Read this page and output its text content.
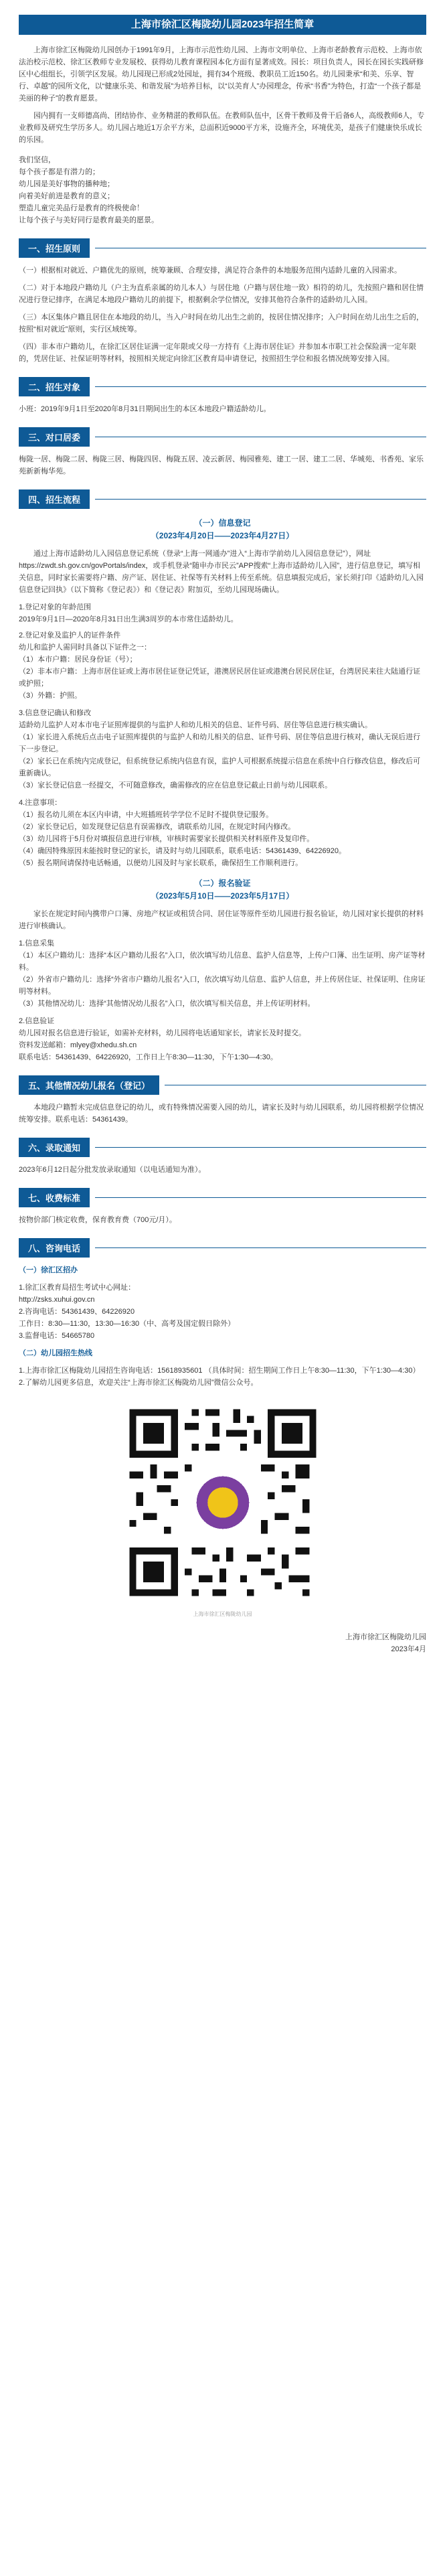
上海市徐汇区梅陇幼儿园2023年招生简章

上海市徐汇区梅陇幼儿园创办于1991年9月，上海市示范性幼儿园、上海市文明单位、上海市老龄教育示范校、上海市依法治校示范校、徐汇区教师专业发展校、获得幼儿教育课程园本化方面有显著成效。园长：项目负责人，园长在园长实践研修区中心组组长，引领学区发展。幼儿园现已形成2处园址，拥有34个班级、教职员工近150名。幼儿园秉承“和美、乐享、智行、卓越”的园所文化，以“健康乐美、和谐发展”为培养目标，以“以美育人”办园理念，传承“书香”为特色，打造“一个孩子都是美丽的种子”的教育愿景。

园内拥有一支师德高尚、团结协作、业务精湛的教师队伍。在教师队伍中，区骨干教师及骨干后备6人，高级教师6人，专业教师及研究生学历多人。幼儿园占地近1万余平方米，总面积近9000平方米，设施齐全，环境优美，是孩子们健康快乐成长的乐园。

我们坚信，

每个孩子都是有潜力的；

幼儿园是美好事物的播种地；

向着美好前进是教育的意义；

塑造儿童完美品行是教育的终极使命！

让每个孩子与美好同行是教育最美的愿景。

一、招生原则

（一）根据相对就近、户籍优先的原则，统筹兼顾、合理安排，满足符合条件的本地服务范围内适龄儿童的入园需求。

（二）对于本地段户籍幼儿（户主为直系亲属的幼儿本人）与居住地（户籍与居住地一致）相符的幼儿，先按照户籍和居住情况进行登记排序，在满足本地段户籍幼儿的前提下，根据剩余学位情况，安排其他符合条件的适龄幼儿入园。

（三）本区集体户籍且居住在本地段的幼儿，当入户时间在幼儿出生之前的，按居住情况排序；入户时间在幼儿出生之后的，按照“相对就近”原则，实行区域统筹。

（四）非本市户籍幼儿，在徐汇区居住证满一定年限或父母一方持有《上海市居住证》并参加本市职工社会保险满一定年限的，凭居住证、社保证明等材料，按照相关规定向徐汇区教育局申请登记，按照招生学位和报名情况统筹安排入园。

二、招生对象

小班：2019年9月1日至2020年8月31日期间出生的本区本地段户籍适龄幼儿。

三、对口居委

梅陇一居、梅陇二居、梅陇三居、梅陇四居、梅陇五居、凌云新居、梅园雅苑、建工一居、建工二居、华城苑、书香苑、家乐苑新新梅华苑。

四、招生流程
（一）信息登记
（2023年4月20日——2023年4月27日）

通过上海市适龄幼儿入园信息登记系统（登录“上海一网通办”进入“上海市学前幼儿入园信息登记”），网址https://zwdt.sh.gov.cn/govPortals/index，或手机登录“随申办市民云”APP搜索“上海市适龄幼儿入园”，进行信息登记，填写相关信息，同时家长需要将户籍、房产证、居住证、社保等有关材料上传至系统。信息填报完成后，家长须打印《适龄幼儿入园信息登记回执》（以下简称《登记表》）和《登记表》附加页，至幼儿园现场确认。

1.登记对象的年龄范围

2019年9月1日—2020年8月31日出生满3周岁的本市常住适龄幼儿。

2.登记对象及监护人的证件条件

幼儿和监护人需同时具备以下证件之一：

（1）本市户籍：居民身份证（号）；

（2）非本市户籍：上海市居住证或上海市居住证登记凭证，港澳居民居住证或港澳台居民居住证，台湾居民来往大陆通行证或护照；

（3）外籍：护照。

3.信息登记确认和修改

适龄幼儿监护人对本市电子证照库提供的与监护人和幼儿相关的信息、证件号码、居住等信息进行核实确认。

（1）家长进入系统后点击电子证照库提供的与监护人和幼儿相关的信息、证件号码、居住等信息进行核对，确认无误后进行下一步登记。

（2）家长已在系统内完成登记，但系统登记系统内信息有误，监护人可根据系统提示信息在系统中自行修改信息，修改后可重新确认。

（3）家长登记信息一经提交，不可随意修改，确需修改的应在信息登记截止日前与幼儿园联系。

4.注意事项：

（1）报名幼儿须在本区内申请，中大班插班转学学位不足时不提供登记服务。

（2）家长登记后，如发现登记信息有误需修改，请联系幼儿园，在规定时间内修改。

（3）幼儿园将于5月份对填报信息进行审核，审核时需要家长提供相关材料原件及复印件。

（4）确因特殊原因未能按时登记的家长，请及时与幼儿园联系，联系电话：54361439、64226920。

（5）报名期间请保持电话畅通，以便幼儿园及时与家长联系，确保招生工作顺利进行。

（二）报名验证
（2023年5月10日——2023年5月17日）

家长在规定时间内携带户口簿、房地产权证或租赁合同、居住证等原件至幼儿园进行报名验证，幼儿园对家长提供的材料进行审核确认。

1.信息采集

（1）本区户籍幼儿：选择“本区户籍幼儿报名”入口，依次填写幼儿信息、监护人信息等，上传户口簿、出生证明、房产证等材料。

（2）外省市户籍幼儿：选择“外省市户籍幼儿报名”入口，依次填写幼儿信息、监护人信息，并上传居住证、社保证明、住房证明等材料。

（3）其他情况幼儿：选择“其他情况幼儿报名”入口，依次填写相关信息，并上传证明材料。

2.信息验证

幼儿园对报名信息进行验证，如需补充材料，幼儿园将电话通知家长，请家长及时提交。

资料发送邮箱：mlyey@xhedu.sh.cn

联系电话：54361439、64226920，工作日上午8:30—11:30，下午1:30—4:30。

五、其他情况幼儿报名（登记）

本地段户籍暂未完成信息登记的幼儿，或有特殊情况需要入园的幼儿，请家长及时与幼儿园联系，幼儿园将根据学位情况统筹安排。联系电话：54361439。

六、录取通知

2023年6月12日起分批发放录取通知（以电话通知为准）。

七、收费标准

按物价部门核定收费，保育教育费（700元/月）。

八、咨询电话

（一）徐汇区招办

1.徐汇区教育局招生考试中心网址：

http://zsks.xuhui.gov.cn

2.咨询电话：54361439、64226920

工作日：8:30—11:30，13:30—16:30（中、高考及国定假日除外）

3.监督电话：54665780

（二）幼儿园招生热线

1.上海市徐汇区梅陇幼儿园招生咨询电话：15618935601 （具体时间：招生期间工作日上午8:30—11:30，下午1:30—4:30）

2.了解幼儿园更多信息，欢迎关注“上海市徐汇区梅陇幼儿园”微信公众号。

上海市徐汇区梅陇幼儿园

上海市徐汇区梅陇幼儿园

2023年4月
